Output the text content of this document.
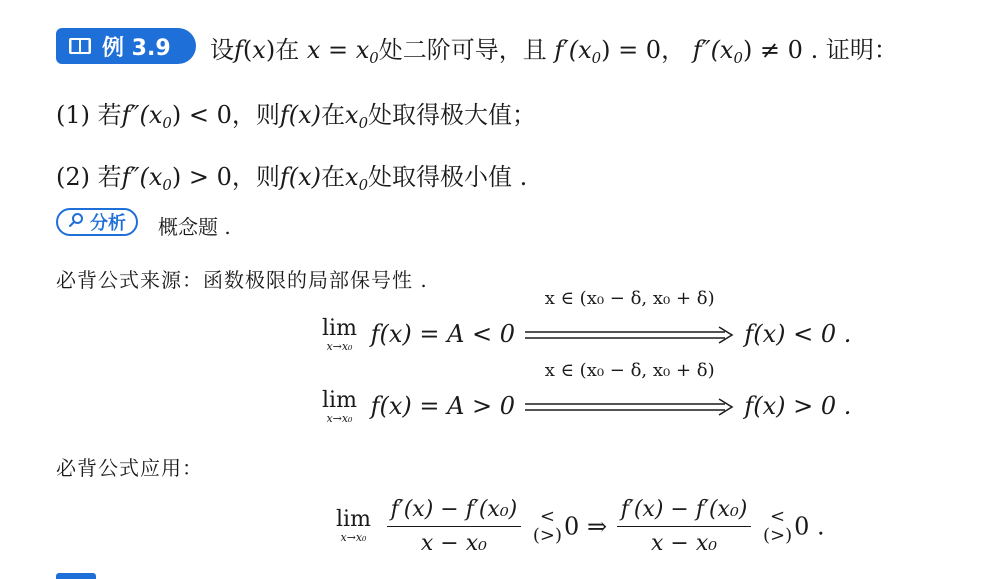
例 3.9 设f(x)在 $x = x_0$处二阶可导，且 $f'(x_0) = 0$， $f''(x_0) \ne 0$ . 证明：
(1) 若$f''(x_0) < 0$，则f(x)在$x_0$处取得极大值；
(2) 若$f''(x_0) > 0$，则f(x)在$x_0$处取得极小值 .
分析 概念题 .
必背公式来源：函数极限的局部保号性 .
lim
x→x₀ f(x) = A < 0
x ∈ (x₀ − δ, x₀ + δ)
f(x) < 0 .
lim
x→x₀ f(x) = A > 0
x ∈ (x₀ − δ, x₀ + δ)
f(x) > 0 .
必背公式应用：
lim
x→x₀
$\frac{\text{f′(x) − f′(x₀)}}{\text{x − x₀}}$
	<
(>) 0 ⇒ $\frac{\text{f′(x) − f′(x₀)}}{\text{x − x₀}}$
	<
(>) 0 .
